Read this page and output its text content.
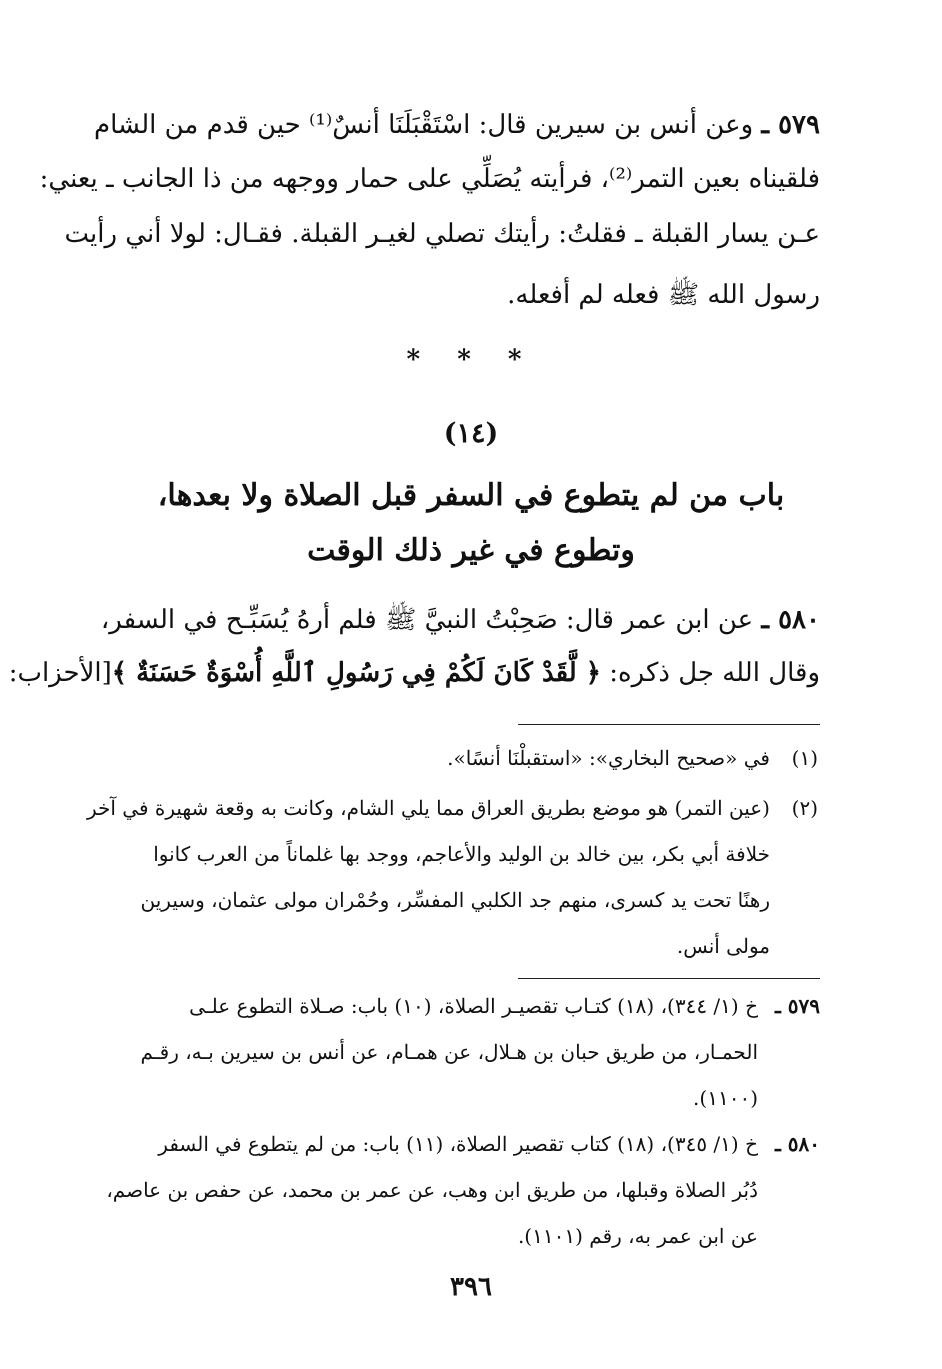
٥٧٩ ـ وعن أنس بن سيرين قال: اسْتَقْبَلَنَا أنسٌ⁽¹⁾ حين قدم من الشام
فلقيناه بعين التمر⁽²⁾، فرأيته يُصَلِّي على حمار ووجهه من ذا الجانب ـ يعني:
عـن يسار القبلة ـ فقلتُ: رأيتك تصلي لغيـر القبلة. فقـال: لولا أني رأيت
رسول الله ﷺ فعله لم أفعله.
* * *
(١٤)
باب من لم يتطوع في السفر قبل الصلاة ولا بعدها،
وتطوع في غير ذلك الوقت
٥٨٠ ـ عن ابن عمر قال: صَحِبْتُ النبيَّ ﷺ فلم أرهُ يُسَبِّـح في السفر،
وقال الله جل ذكره: ﴿ لَّقَدْ كَانَ لَكُمْ فِي رَسُولِ ٱللَّهِ أُسْوَةٌ حَسَنَةٌ ﴾[الأحزاب:
(١)
في «صحيح البخاري»: «استقبلْنَا أنسًا».
(٢)
(عين التمر) هو موضع بطريق العراق مما يلي الشام، وكانت به وقعة شهيرة في آخر
خلافة أبي بكر، بين خالد بن الوليد والأعاجم، ووجد بها غلماناً من العرب كانوا
رهنًا تحت يد كسرى، منهم جد الكلبي المفسِّر، وحُمْران مولى عثمان، وسيرين
مولى أنس.
٥٧٩ ـ
خ (١/ ٣٤٤)، (١٨) كتـاب تقصيـر الصلاة، (١٠) باب: صـلاة التطوع علـى
الحمـار، من طريق حبان بن هـلال، عن همـام، عن أنس بن سيرين بـه، رقـم
(١١٠٠).
٥٨٠ ـ
خ (١/ ٣٤٥)، (١٨) كتاب تقصير الصلاة، (١١) باب: من لم يتطوع في السفر
دُبُر الصلاة وقبلها، من طريق ابن وهب، عن عمر بن محمد، عن حفص بن عاصم،
عن ابن عمر به، رقم (١١٠١).
٣٩٦
